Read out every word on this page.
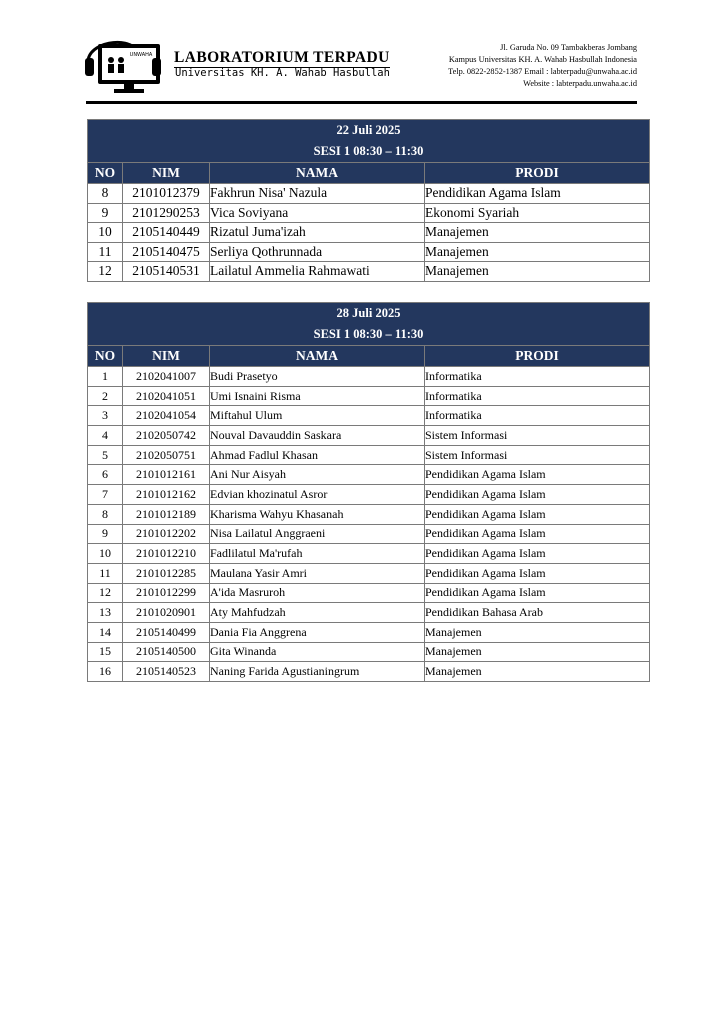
UNWAHA LABORATORIUM TERPADU
Universitas KH. A. Wahab Hasbullah
Jl. Garuda No. 09 Tambakberas Jombang
Kampus Universitas KH. A. Wahab Hasbullah Indonesia
Telp. 0822-2852-1387 Email : labterpadu@unwaha.ac.id
Website : labterpadu.unwaha.ac.id
22 Juli 2025
SESI 1 08:30 – 11:30			

NO	NIM	NAMA	PRODI
8	2101012379	Fakhrun Nisa' Nazula	Pendidikan Agama Islam
9	2101290253	Vica Soviyana	Ekonomi Syariah
10	2105140449	Rizatul Juma'izah	Manajemen
11	2105140475	Serliya Qothrunnada	Manajemen
12	2105140531	Lailatul Ammelia Rahmawati	Manajemen
28 Juli 2025
SESI 1 08:30 – 11:30			

NO	NIM	NAMA	PRODI
1	2102041007	Budi Prasetyo	Informatika
2	2102041051	Umi Isnaini Risma	Informatika
3	2102041054	Miftahul Ulum	Informatika
4	2102050742	Nouval Davauddin Saskara	Sistem Informasi
5	2102050751	Ahmad Fadlul Khasan	Sistem Informasi
6	2101012161	Ani Nur Aisyah	Pendidikan Agama Islam
7	2101012162	Edvian khozinatul Asror	Pendidikan Agama Islam
8	2101012189	Kharisma Wahyu Khasanah	Pendidikan Agama Islam
9	2101012202	Nisa Lailatul Anggraeni	Pendidikan Agama Islam
10	2101012210	Fadlilatul Ma'rufah	Pendidikan Agama Islam
11	2101012285	Maulana Yasir Amri	Pendidikan Agama Islam
12	2101012299	A'ida Masruroh	Pendidikan Agama Islam
13	2101020901	Aty Mahfudzah	Pendidikan Bahasa Arab
14	2105140499	Dania Fia Anggrena	Manajemen
15	2105140500	Gita Winanda	Manajemen
16	2105140523	Naning Farida Agustianingrum	Manajemen
